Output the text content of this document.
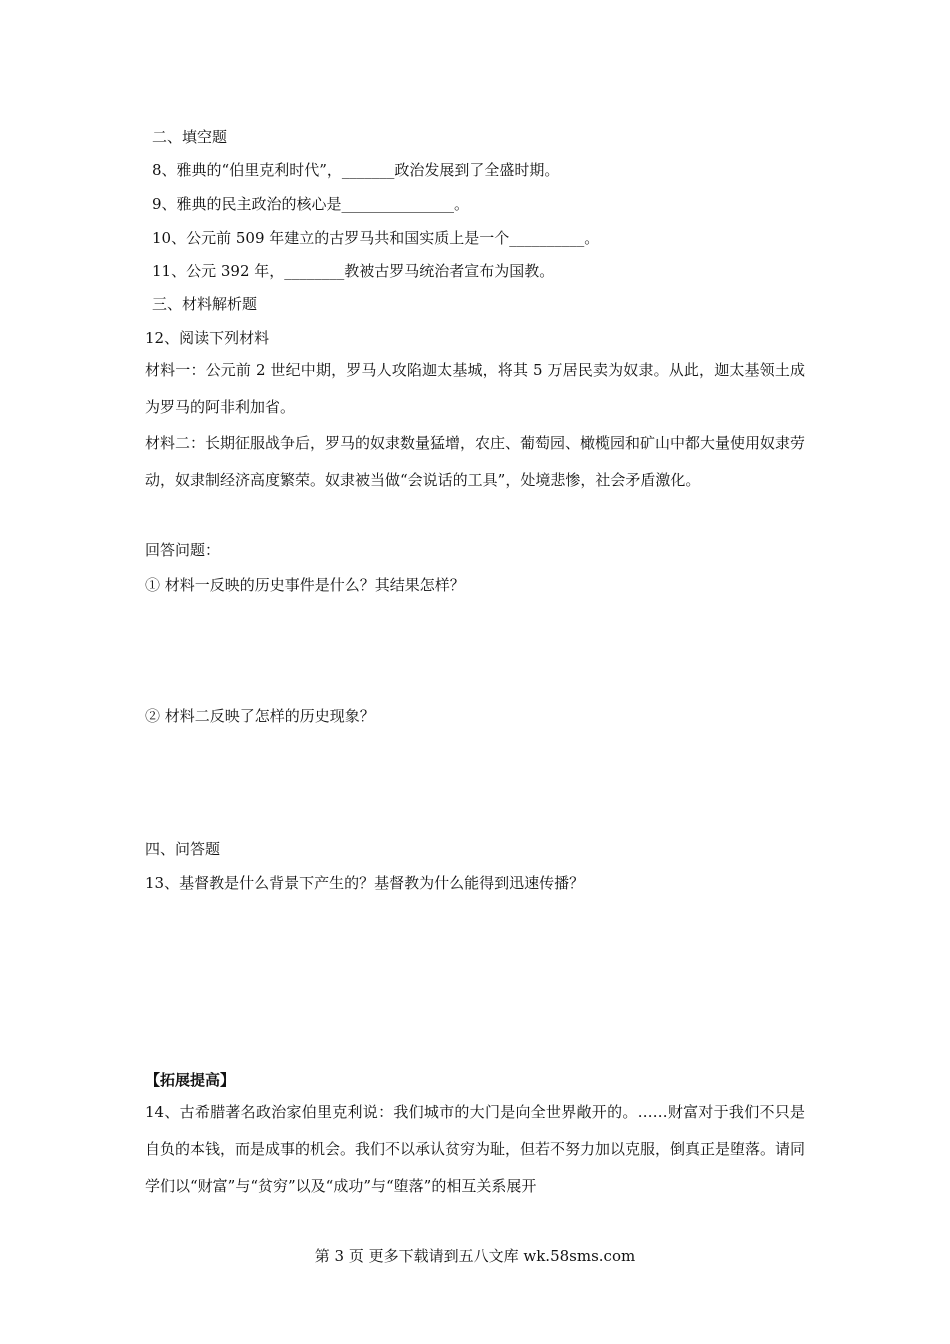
二、填空题
8、雅典的“伯里克利时代”，_______政治发展到了全盛时期。
9、雅典的民主政治的核心是_______________。
10、公元前 509 年建立的古罗马共和国实质上是一个__________。
11、公元 392 年，________教被古罗马统治者宣布为国教。
三、材料解析题
12、阅读下列材料
材料一：公元前 2 世纪中期，罗马人攻陷迦太基城，将其 5 万居民卖为奴隶。从此，迦太基领土成为罗马的阿非利加省。
材料二：长期征服战争后，罗马的奴隶数量猛增，农庄、葡萄园、橄榄园和矿山中都大量使用奴隶劳动，奴隶制经济高度繁荣。奴隶被当做“会说话的工具”，处境悲惨，社会矛盾激化。
回答问题：
① 材料一反映的历史事件是什么？其结果怎样？
② 材料二反映了怎样的历史现象？
四、问答题
13、基督教是什么背景下产生的？基督教为什么能得到迅速传播？
【拓展提高】
14、古希腊著名政治家伯里克利说：我们城市的大门是向全世界敞开的。……财富对于我们不只是自负的本钱，而是成事的机会。我们不以承认贫穷为耻，但若不努力加以克服，倒真正是堕落。请同学们以“财富”与“贫穷”以及“成功”与“堕落”的相互关系展开
第 3 页 更多下载请到五八文库 wk.58sms.com
